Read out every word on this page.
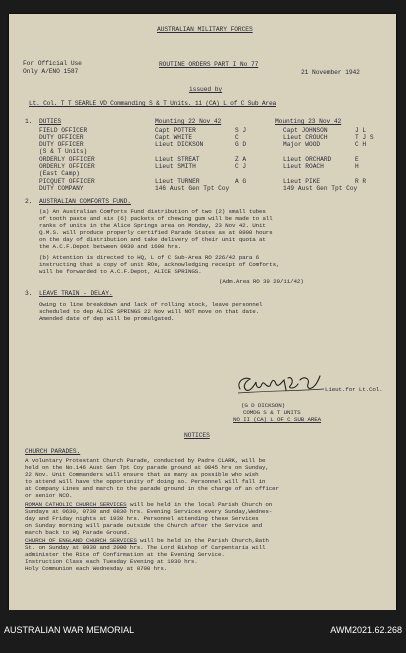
AUSTRALIAN MILITARY FORCES
For Official Use
Only A/ENO 1587
ROUTINE ORDERS PART I No 77
21 November 1942
issued by
Lt. Col. T T SEARLE VD Commanding S & T Units. 11 (CA) L of C Sub Area
1. DUTIES	Mounting 22 Nov 42	Mounting 23 Nov 42
FIELD OFFICER	Capt POTTER	S J	Capt JOHNSON	J L
DUTY OFFICER	Capt WHITE	C	Lieut CROUCH	T J S
DUTY OFFICER	Lieut DICKSON	G D	Major WOOD	C H
(S & T Units)
ORDERLY OFFICER	Lieut STREAT	Z A	Lieut ORCHARD	E
ORDERLY OFFICER	Lieut SMITH	C J	Lieut ROACH	H
(East Camp)
PICQUET OFFICER	Lieut TURNER	A G	Lieut PIKE	R R
DUTY COMPANY	146 Aust Gen Tpt Coy	149 Aust Gen Tpt Coy
2. AUSTRALIAN COMFORTS FUND.
(a) An Australian Comforts Fund distribution of two (2) small tubes
of tooth paste and six (6) packets of chewing gum will be made to all
ranks of units in the Alice Springs area on Monday, 23 Nov 42. Unit
Q.M.S. will produce properly certified Parade States as at 0900 hours
on the day of distribution and take delivery of their unit quota at
the A.C.F.Depot between 0930 and 1600 hrs.
(b) Attention is directed to HQ, L of C Sub-Area RO 226/42 para 6
instructing that a copy of unit ROs, acknowledging receipt of Comforts,
will be forwarded to A.C.F.Depot, ALICE SPRINGS.
(Adm.Area RO 39 20/11/42)
3. LEAVE TRAIN - DELAY.
Owing to line breakdown and lack of rolling stock, leave personnel
scheduled to dep ALICE SPRINGS 22 Nov will NOT move on that date.
Amended date of dep will be promulgated.
Lieut.for Lt.Col.
(G D DICKSON)
COMDG S & T UNITS
NO II (CA) L OF C SUB AREA
NOTICES
CHURCH PARADES.
A voluntary Protestant Church Parade, conducted by Padre CLARK, will be
held on the No.146 Aust Gen Tpt Coy parade ground at 0845 hrs on Sunday,
22 Nov. Unit Commanders will ensure that as many as possible who wish
to attend will have the opportunity of doing so. Personnel will fall in
at Company Lines and march to the parade ground in the charge of an officer
or senior NCO.
ROMAN CATHOLIC CHURCH SERVICES will be held in the local Parish Church on
Sundays at 0630, 0730 and 0830 hrs. Evening Services every Sunday,Wednes-
day and Friday nights at 1930 hrs. Personnel attending these Services
on Sunday morning will parade outside the Church after the Service and
march back to HQ Parade Ground.
CHURCH OF ENGLAND CHURCH SERVICES will be held in the Parish Church,Bath
St. on Sunday at 0930 and 2000 hrs. The Lord Bishop of Carpentaria will
administer the Rite of Confirmation at the Evening Service.
Instruction Class each Tuesday Evening at 1930 hrs.
Holy Communion each Wednesday at 0700 hrs.
AUSTRALIAN WAR MEMORIAL	AWM2021.62.268
